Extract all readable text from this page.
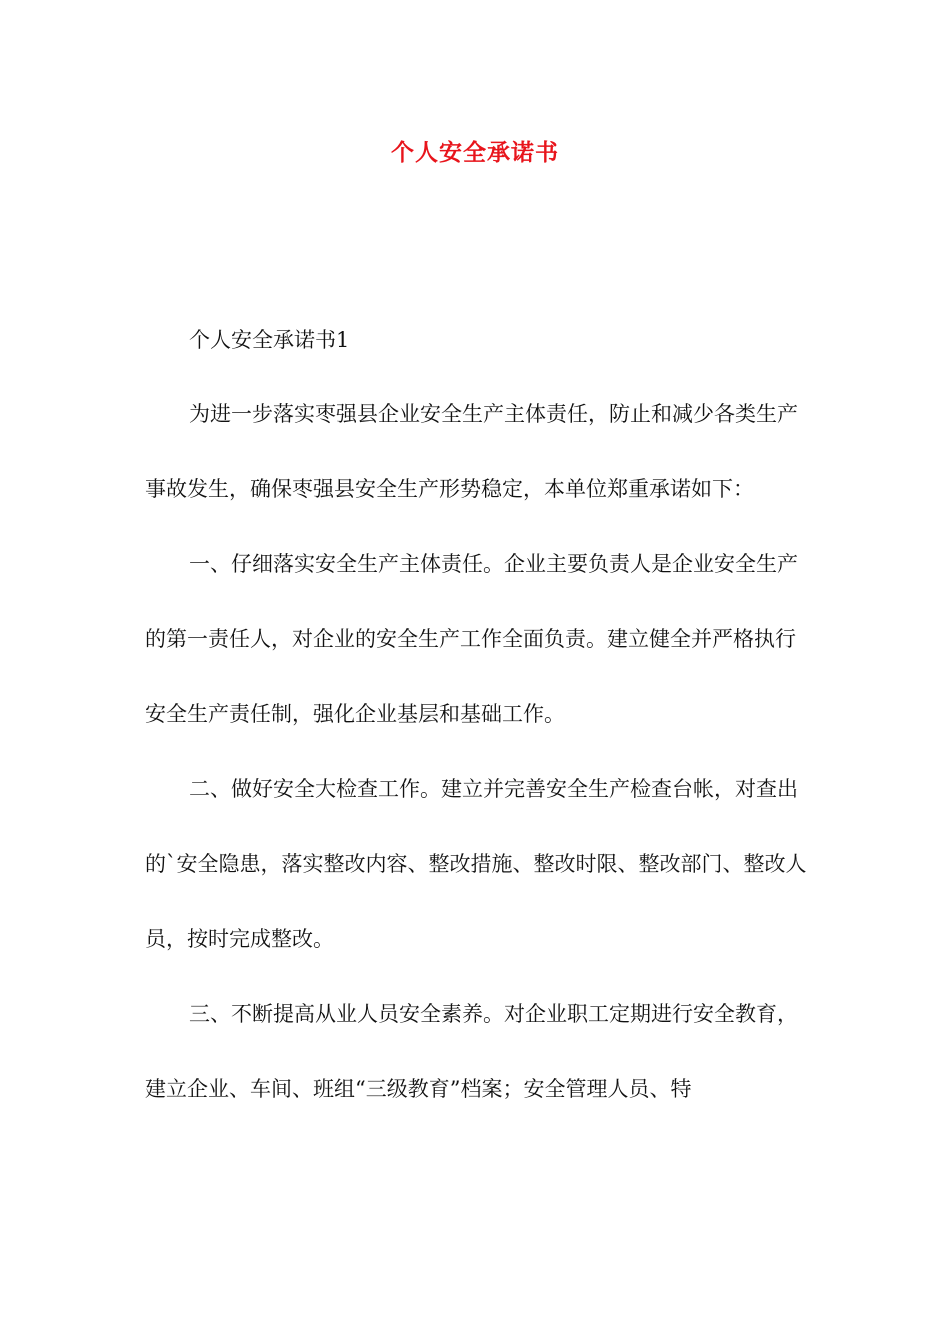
个人安全承诺书

个人安全承诺书1

为进一步落实枣强县企业安全生产主体责任，防止和减少各类生产事故发生，确保枣强县安全生产形势稳定，本单位郑重承诺如下：

一、仔细落实安全生产主体责任。企业主要负责人是企业安全生产的第一责任人，对企业的安全生产工作全面负责。建立健全并严格执行安全生产责任制，强化企业基层和基础工作。

二、做好安全大检查工作。建立并完善安全生产检查台帐，对查出的`安全隐患，落实整改内容、整改措施、整改时限、整改部门、整改人员，按时完成整改。

三、不断提高从业人员安全素养。对企业职工定期进行安全教育，建立企业、车间、班组“三级教育”档案；安全管理人员、特
